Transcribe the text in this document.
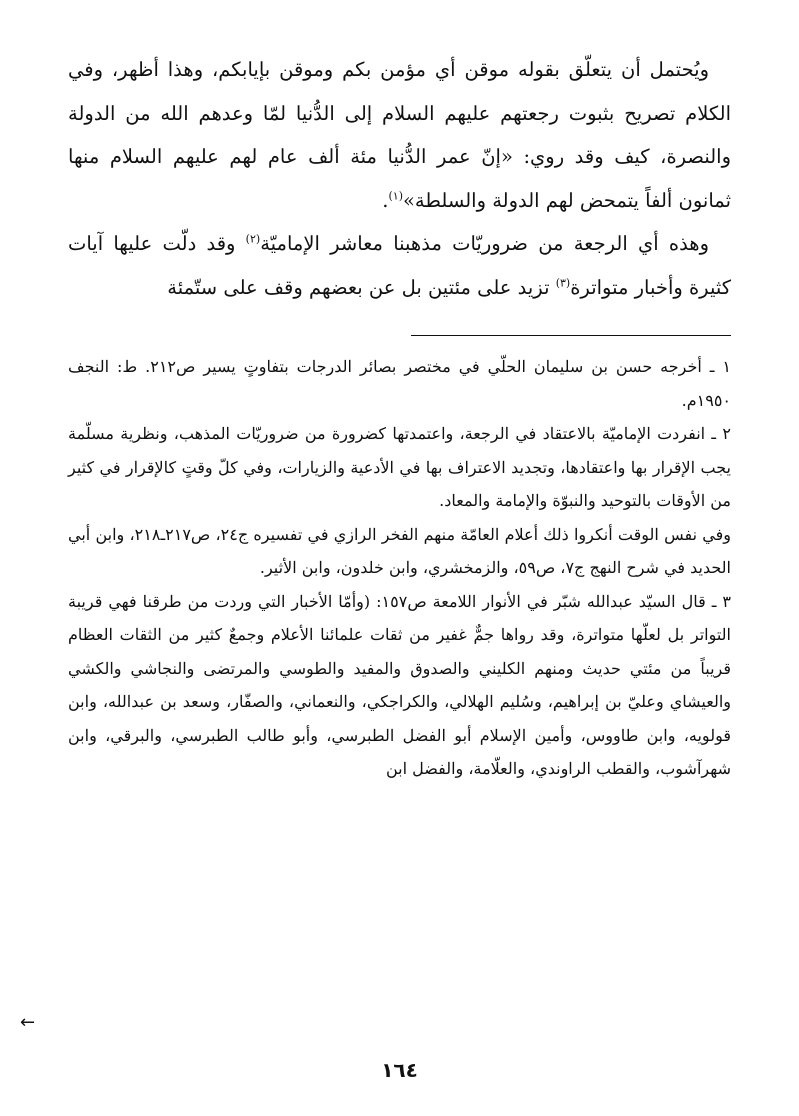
ويُحتمل أن يتعلّق بقوله موقن أي مؤمن بكم وموقن بإيابكم، وهذا أظهر، وفي الكلام تصريح بثبوت رجعتهم عليهم السلام إلى الدُّنيا لمّا وعدهم الله من الدولة والنصرة، كيف وقد روي: «إنّ عمر الدُّنيا مئة ألف عام لهم عليهم السلام منها ثمانون ألفاً يتمحض لهم الدولة والسلطة»$^{(١)}$.

وهذه أي الرجعة من ضروريّات مذهبنا معاشر الإماميّة$^{(٢)}$ وقد دلّت عليها آيات كثيرة وأخبار متواترة$^{(٣)}$ تزيد على مئتين بل عن بعضهم وقف على ستّمئة

١ ـ أخرجه حسن بن سليمان الحلّي في مختصر بصائر الدرجات بتفاوتٍ يسير ص٢١٢. ط: النجف ١٩٥٠م.

٢ ـ انفردت الإماميّة بالاعتقاد في الرجعة، واعتمدتها كضرورة من ضروريّات المذهب، ونظرية مسلّمة يجب الإقرار بها واعتقادها، وتجديد الاعتراف بها في الأدعية والزيارات، وفي كلّ وقتٍ كالإقرار في كثير من الأوقات بالتوحيد والنبوّة والإمامة والمعاد.

وفي نفس الوقت أنكروا ذلك أعلام العامّة منهم الفخر الرازي في تفسيره ج٢٤، ص٢١٧ـ٢١٨، وابن أبي الحديد في شرح النهج ج٧، ص٥٩، والزمخشري، وابن خلدون، وابن الأثير.

٣ ـ قال السيّد عبدالله شبّر في الأنوار اللامعة ص١٥٧: (وأمّا الأخبار التي وردت من طرقنا فهي قريبة التواتر بل لعلّها متواترة، وقد رواها جمٌّ غفير من ثقات علمائنا الأعلام وجمعٌ كثير من الثقات العظام قريباً من مئتي حديث ومنهم الكليني والصدوق والمفيد والطوسي والمرتضى والنجاشي والكشي والعيشاي وعليّ بن إبراهيم، وسُليم الهلالي، والكراجكي، والنعماني، والصفّار، وسعد بن عبدالله، وابن قولويه، وابن طاووس، وأمين الإسلام أبو الفضل الطبرسي، وأبو طالب الطبرسي، والبرقي، وابن شهرآشوب، والقطب الراوندي، والعلّامة، والفضل ابن

←
١٦٤
